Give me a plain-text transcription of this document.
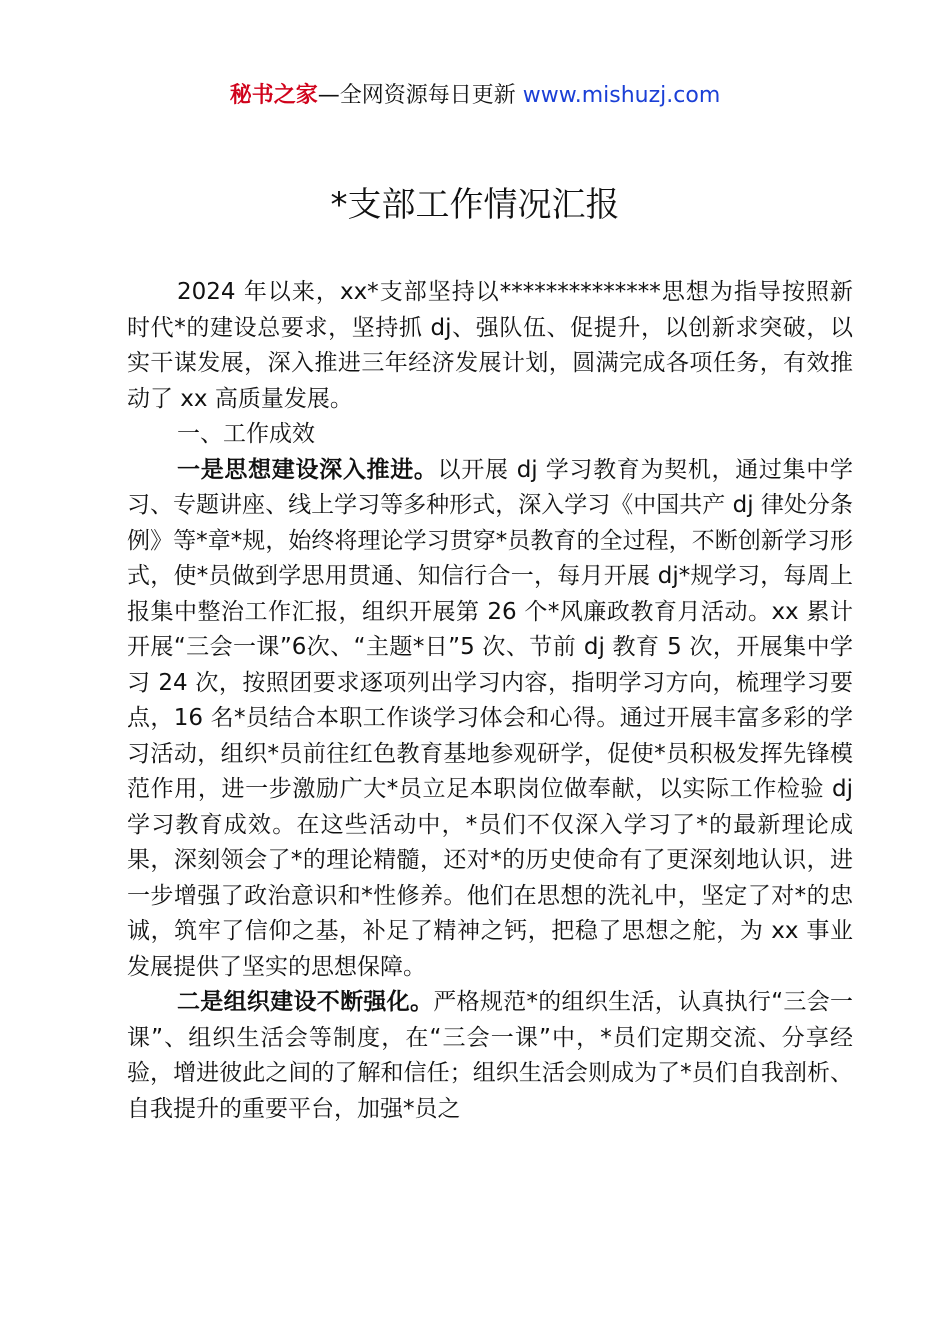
秘书之家—全网资源每日更新 www.mishuzj.com
*支部工作情况汇报

2024 年以来，xx*支部坚持以**************思想为指导按照新时代*的建设总要求，坚持抓 dj、强队伍、促提升，以创新求突破，以实干谋发展，深入推进三年经济发展计划，圆满完成各项任务，有效推动了 xx 高质量发展。

一、工作成效

一是思想建设深入推进。以开展 dj 学习教育为契机，通过集中学习、专题讲座、线上学习等多种形式，深入学习《中国共产 dj 律处分条例》等*章*规，始终将理论学习贯穿*员教育的全过程，不断创新学习形式，使*员做到学思用贯通、知信行合一，每月开展 dj*规学习，每周上报集中整治工作汇报，组织开展第 26 个*风廉政教育月活动。xx 累计开展“三会一课”6次、“主题*日”5 次、节前 dj 教育 5 次，开展集中学习 24 次，按照团要求逐项列出学习内容，指明学习方向，梳理学习要点，16 名*员结合本职工作谈学习体会和心得。通过开展丰富多彩的学习活动，组织*员前往红色教育基地参观研学，促使*员积极发挥先锋模范作用，进一步激励广大*员立足本职岗位做奉献，以实际工作检验 dj 学习教育成效。在这些活动中，*员们不仅深入学习了*的最新理论成果，深刻领会了*的理论精髓，还对*的历史使命有了更深刻地认识，进一步增强了政治意识和*性修养。他们在思想的洗礼中，坚定了对*的忠诚，筑牢了信仰之基，补足了精神之钙，把稳了思想之舵，为 xx 事业发展提供了坚实的思想保障。

二是组织建设不断强化。严格规范*的组织生活，认真执行“三会一课”、组织生活会等制度，在“三会一课”中，*员们定期交流、分享经验，增进彼此之间的了解和信任；组织生活会则成为了*员们自我剖析、自我提升的重要平台，加强*员之
